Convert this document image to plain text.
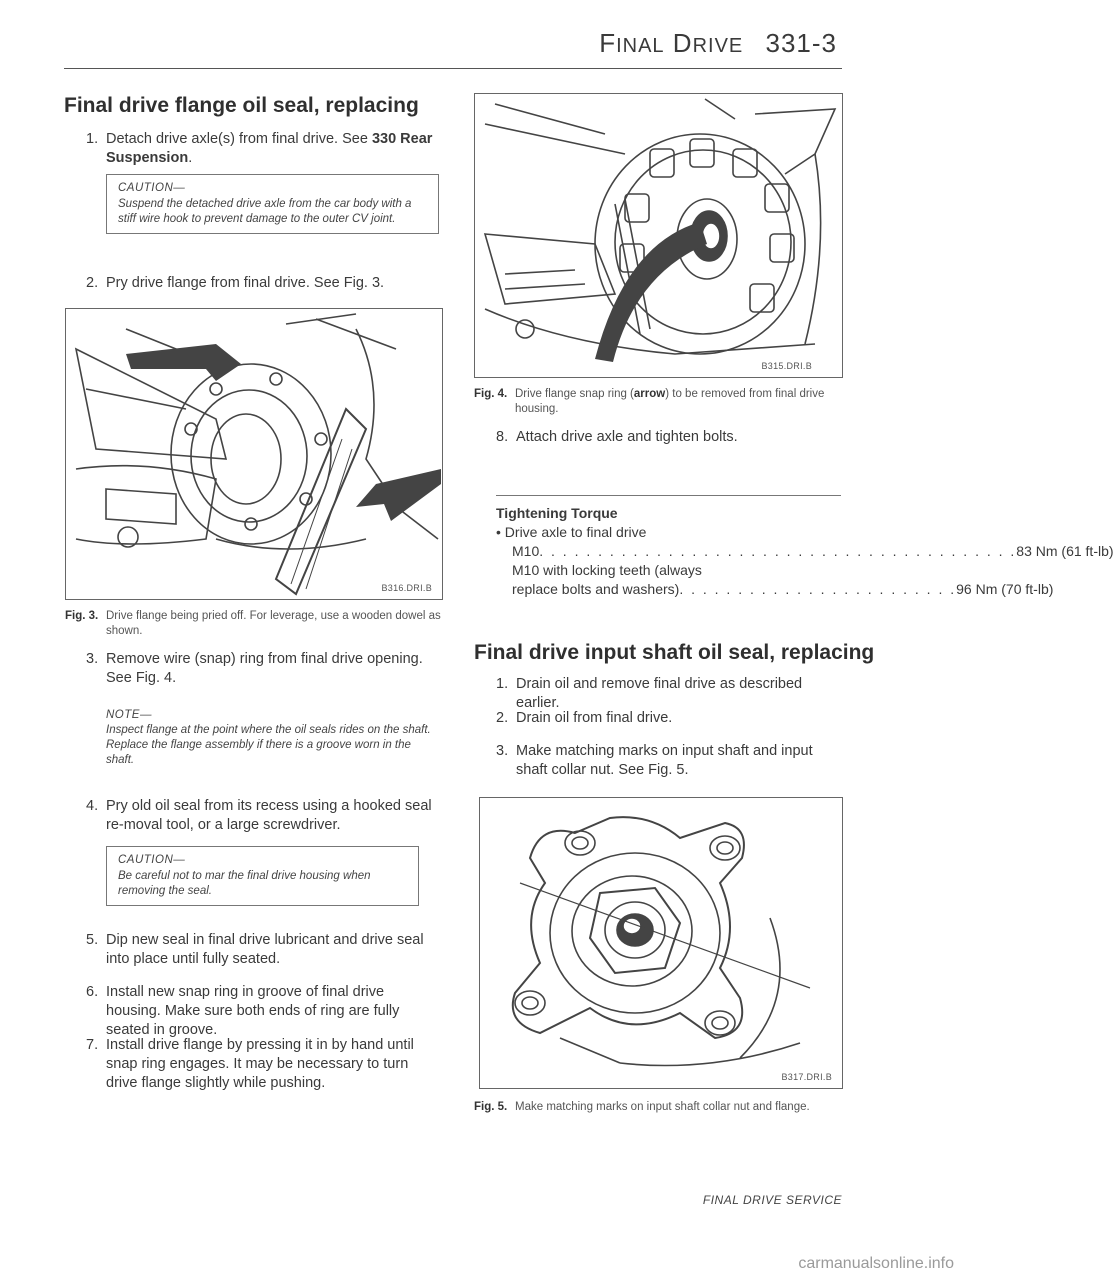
FINAL DRIVE 331-3
Final drive flange oil seal, replacing
1. Detach drive axle(s) from final drive. See 330 Rear Suspension.
CAUTION—
Suspend the detached drive axle from the car body with a stiff wire hook to prevent damage to the outer CV joint.
2. Pry drive flange from final drive. See Fig. 3.
B316.DRI.B
Fig. 3. Drive flange being pried off. For leverage, use a wooden dowel as shown.
3. Remove wire (snap) ring from final drive opening. See Fig. 4.
NOTE—
Inspect flange at the point where the oil seals rides on the shaft. Replace the flange assembly if there is a groove worn in the shaft.
4. Pry old oil seal from its recess using a hooked seal re-moval tool, or a large screwdriver.
CAUTION—
Be careful not to mar the final drive housing when removing the seal.
5. Dip new seal in final drive lubricant and drive seal into place until fully seated.
6. Install new snap ring in groove of final drive housing. Make sure both ends of ring are fully seated in groove.
7. Install drive flange by pressing it in by hand until snap ring engages. It may be necessary to turn drive flange slightly while pushing.
B315.DRI.B
Fig. 4. Drive flange snap ring (arrow) to be removed from final drive housing.
8. Attach drive axle and tighten bolts.
Tightening Torque
• Drive axle to final drive
M10 . . . . . . . . . . . . . . . . . . . . . . . . . . . . . . . . . . . . . . . . . 83 Nm (61 ft-lb)
M10 with locking teeth (always
replace bolts and washers) . . . . . . . . . . . . . . . . . . . . . . . . 96 Nm (70 ft-lb)
Final drive input shaft oil seal, replacing
1. Drain oil and remove final drive as described earlier.
2. Drain oil from final drive.
3. Make matching marks on input shaft and input shaft collar nut. See Fig. 5.
B317.DRI.B
Fig. 5. Make matching marks on input shaft collar nut and flange.
FINAL DRIVE SERVICE
carmanualsonline.info
